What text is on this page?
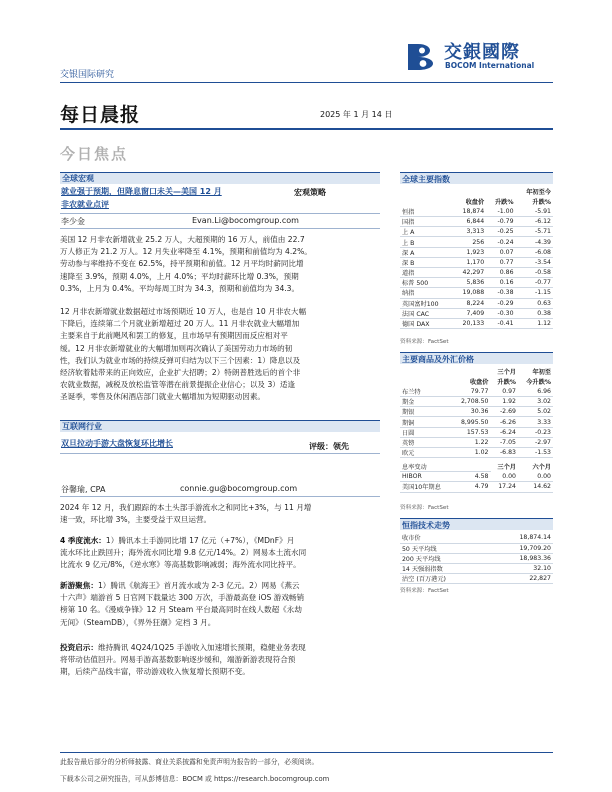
交银国际研究
交銀國際
BOCOM International
每日晨报	2025 年 1 月 14 日
今日焦点
全球宏观
就业强于预期，但降息窗口未关—美国 12 月
非农就业点评
宏观策略
李少金	Evan.Li@bocomgroup.com
美国 12 月非农新增就业 25.2 万人，大超预期的 16 万人，前值由 22.7
万人修正为 21.2 万人。12 月失业率降至 4.1%，预期和前值均为 4.2%。
劳动参与率维持不变在 62.5%，持平预期和前值。12 月平均时薪同比增
速降至 3.9%，预期 4.0%，上月 4.0%；平均时薪环比增 0.3%，预期
0.3%，上月为 0.4%。平均每周工时为 34.3，预期和前值均为 34.3。
12 月非农新增就业数据超过市场预期近 10 万人，也是自 10 月非农大幅
下降后，连续第二个月就业新增超过 20 万人。11 月非农就业大幅增加
主要来自于此前飓风和罢工的修复，且市场早有预期因而反应相对平
缓。12 月非农新增就业的大幅增加则再次确认了美国劳动力市场的韧
性，我们认为就业市场的持续反弹可归结为以下三个因素：1）降息以及
经济软着陆带来的正向效应，企业扩大招聘；2）特朗普胜选后的首个非
农就业数据，减税及放松监管等潜在前景提振企业信心；以及 3）适逢
圣诞季，零售及休闲酒店部门就业大幅增加为短期驱动因素。
互联网行业
双旦拉动手游大盘恢复环比增长	评级：领先
谷馨瑜, CPA	connie.gu@bocomgroup.com
2024 年 12 月，我们跟踪的本土头部手游流水之和同比+3%，与 11 月增
速一致，环比增 3%，主要受益于双旦运营。
4 季度流水：1）腾讯本土手游同比增 17 亿元（+7%），《MDnF》月
流水环比止跌回升；海外流水同比增 9.8 亿元/14%。2）网易本土流水同
比流水 9 亿元/8%，《逆水寒》等高基数影响减弱；海外流水同比持平。
新游聚焦：1）腾讯《航海王》首月流水或为 2-3 亿元。2）网易《燕云
十六声》端游首 5 日官网下载量达 300 万次，手游最高登 iOS 游戏畅销
榜第 10 名。《漫威争锋》12 月 Steam 平台最高同时在线人数超《永劫
无间》（SteamDB），《界外狂潮》定档 3 月。
投资启示：维持腾讯 4Q24/1Q25 手游收入加速增长预期，稳健业务表现
将带动估值回升。网易手游高基数影响逐步缓和，端游新游表现符合预
期，后续产品线丰富，带动游戏收入恢复增长预期不变。
全球主要指数
			年初至今
	收盘价	升跌%	升跌%
恒指	18,874	-1.00	-5.91
国指	6,844	-0.79	-6.12
上 A	3,313	-0.25	-5.71
上 B	256	-0.24	-4.39
深 A	1,923	0.07	-6.08
深 B	1,170	0.77	-3.54
道指	42,297	0.86	-0.58
标普 500	5,836	0.16	-0.77
纳指	19,088	-0.38	-1.15
英国富时100	8,224	-0.29	0.63
法国 CAC	7,409	-0.30	0.38
德国 DAX	20,133	-0.41	1.12
资料来源：FactSet
主要商品及外汇价格
		三个月	年初至
	收盘价	升跌%	今升跌%
布兰特	79.77	0.97	6.96
期金	2,708.50	1.92	3.02
期银	30.36	-2.69	5.02
期铜	8,995.50	-6.26	3.33
日圆	157.53	-6.24	-0.23
英镑	1.22	-7.05	-2.97
欧元	1.02	-6.83	-1.53
息率变动		三个月	六个月
HIBOR	4.58	0.00	0.00
美国10年期息	4.79	17.24	14.62
资料来源：FactSet
恒指技术走势
收市价	18,874.14
50 天平均线	19,709.20
200 天平均线	18,983.36
14 天强弱指数	32.10
沽空 (百万港元)	22,827
资料来源：FactSet
此报告最后部分的分析师披露、商业关系披露和免责声明为报告的一部分，必须阅读。
下载本公司之研究报告，可从彭博信息：BOCM 或 https://research.bocomgroup.com
